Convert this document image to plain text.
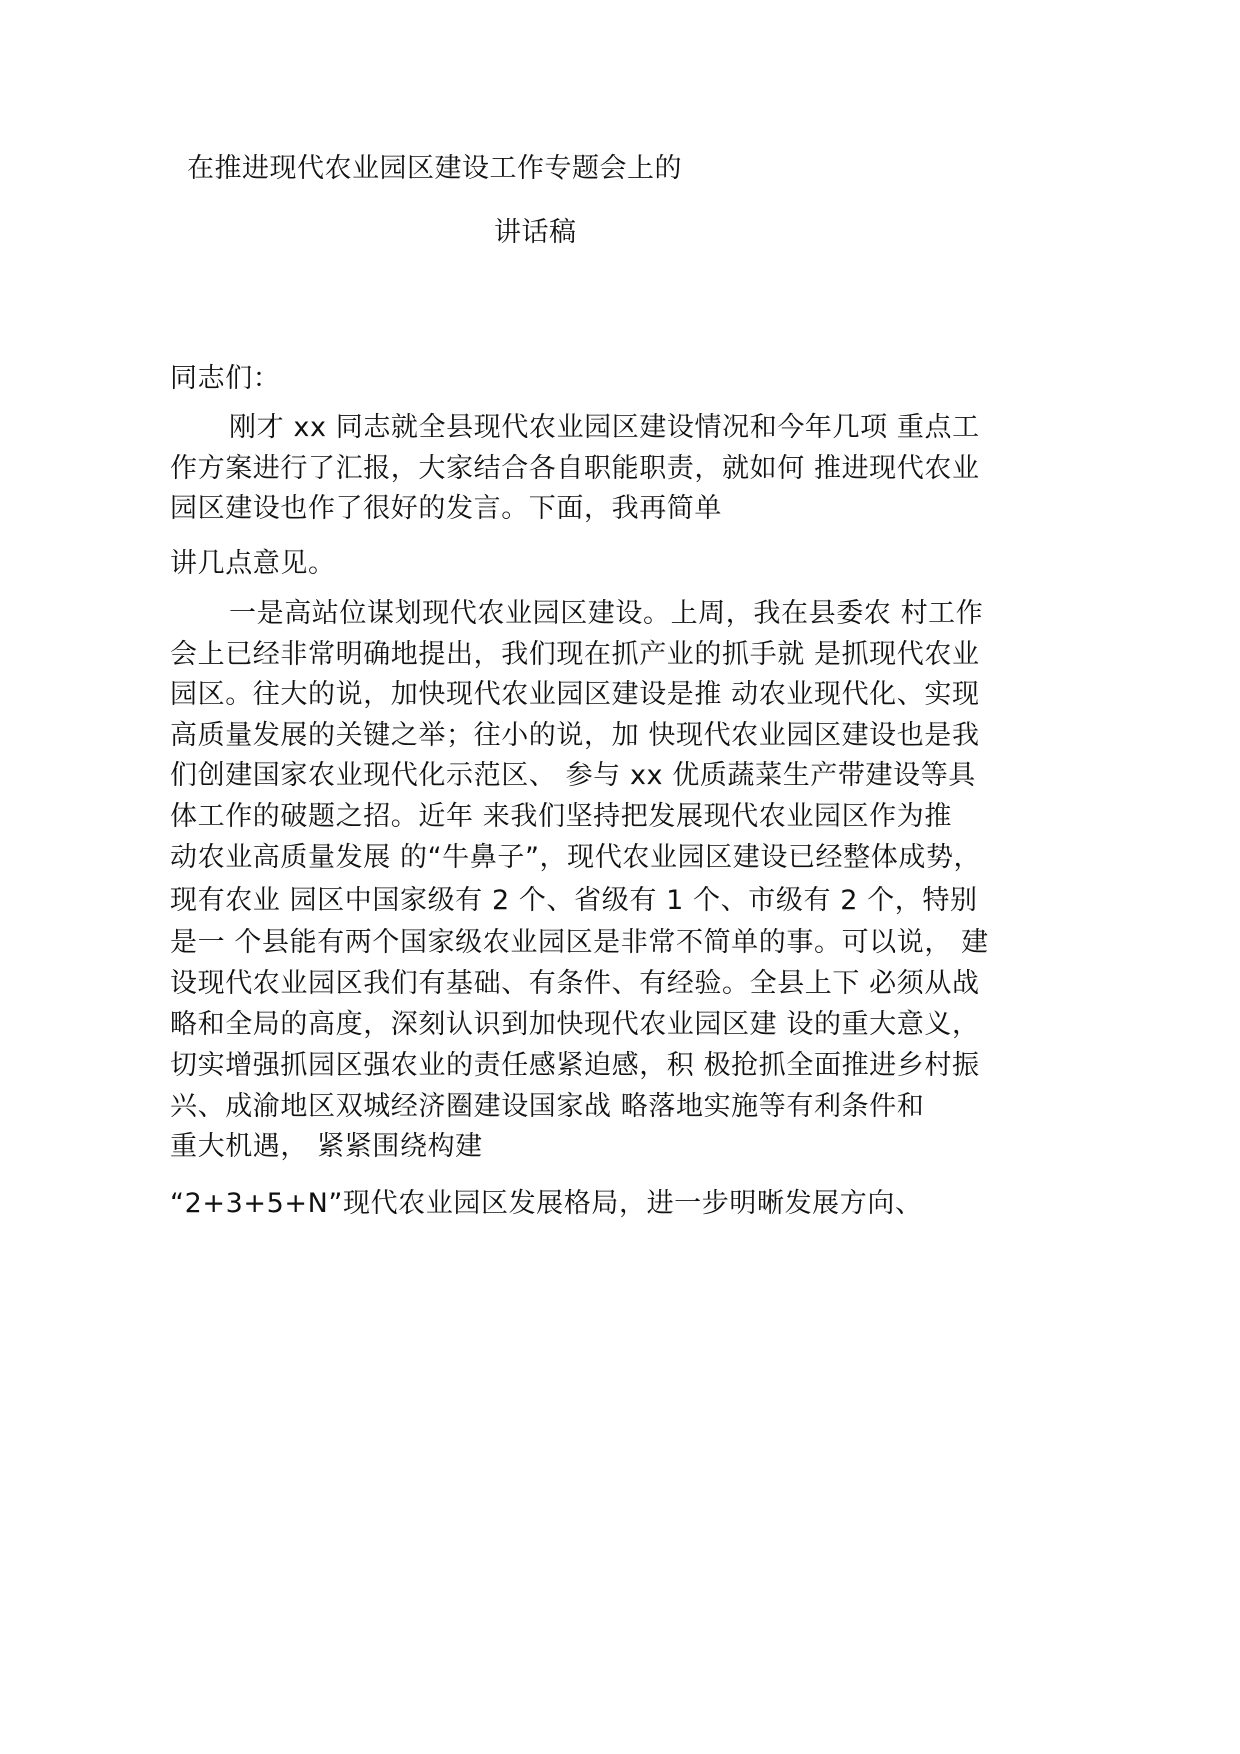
在推进现代农业园区建设工作专题会上的
讲话稿
同志们：
刚才 xx 同志就全县现代农业园区建设情况和今年几项 重点工
作方案进行了汇报，大家结合各自职能职责，就如何 推进现代农业
园区建设也作了很好的发言。下面，我再简单
讲几点意见。
一是高站位谋划现代农业园区建设。上周，我在县委农 村工作
会上已经非常明确地提出，我们现在抓产业的抓手就 是抓现代农业
园区。往大的说，加快现代农业园区建设是推 动农业现代化、实现
高质量发展的关键之举；往小的说，加 快现代农业园区建设也是我
们创建国家农业现代化示范区、 参与 xx 优质蔬菜生产带建设等具
体工作的破题之招。近年 来我们坚持把发展现代农业园区作为推
动农业高质量发展 的“牛鼻子”，现代农业园区建设已经整体成势，
现有农业 园区中国家级有 2 个、省级有 1 个、市级有 2 个，特别
是一 个县能有两个国家级农业园区是非常不简单的事。可以说， 建
设现代农业园区我们有基础、有条件、有经验。全县上下 必须从战
略和全局的高度，深刻认识到加快现代农业园区建 设的重大意义，
切实增强抓园区强农业的责任感紧迫感，积 极抢抓全面推进乡村振
兴、成渝地区双城经济圈建设国家战 略落地实施等有利条件和
重大机遇， 紧紧围绕构建
“2+3+5+N”现代农业园区发展格局，进一步明晰发展方向、
